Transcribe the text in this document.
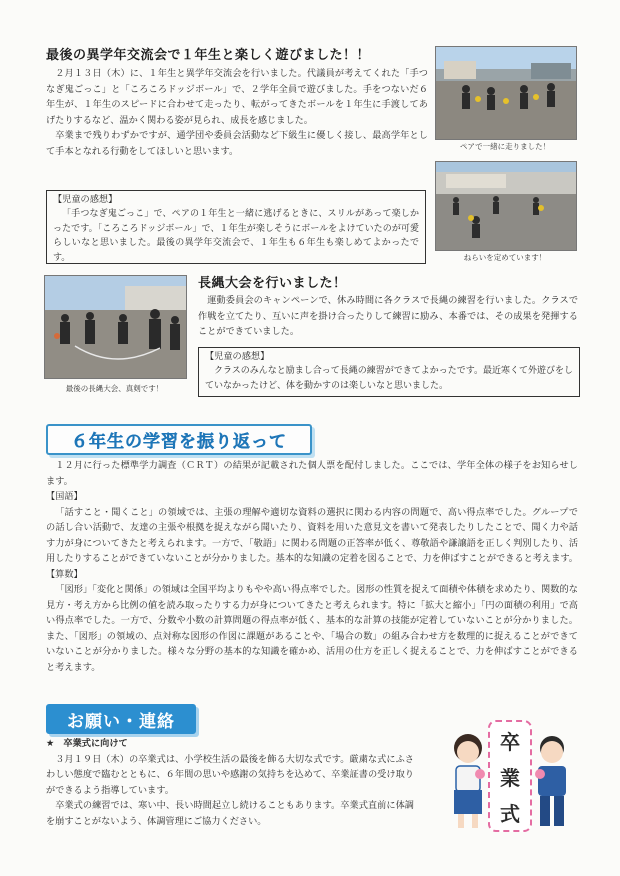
最後の異学年交流会で１年生と楽しく遊びました！！

２月１３日（木）に、１年生と異学年交流会を行いました。代議員が考えてくれた「手つなぎ鬼ごっこ」と「ころころドッジボール」で、２学年全員で遊びました。手をつないだ６年生が、１年生のスピードに合わせて走ったり、転がってきたボールを１年生に手渡してあげたりするなど、温かく関わる姿が見られ、成長を感じました。

卒業まで残りわずかですが、通学団や委員会活動など下級生に優しく接し、最高学年として手本となれる行動をしてほしいと思います。

【児童の感想】

「手つなぎ鬼ごっこ」で、ペアの１年生と一緒に逃げるときに、スリルがあって楽しかったです。「ころころドッジボール」で、１年生が楽しそうにボールをよけていたのが可愛らしいなと思いました。最後の異学年交流会で、１年生も６年生も楽しめてよかったです。

ペアで一緒に走りました！
ねらいを定めています！
最後の長縄大会、真剣です！
長縄大会を行いました！

運動委員会のキャンペーンで、休み時間に各クラスで長縄の練習を行いました。クラスで作戦を立てたり、互いに声を掛け合ったりして練習に励み、本番では、その成果を発揮することができていました。

【児童の感想】

クラスのみんなと励まし合って長縄の練習ができてよかったです。最近寒くて外遊びをしていなかったけど、体を動かすのは楽しいなと思いました。

６年生の学習を振り返って

１２月に行った標準学力調査（ＣＲＴ）の結果が記載された個人票を配付しました。ここでは、学年全体の様子をお知らせします。

【国語】

「話すこと・聞くこと」の領域では、主張の理解や適切な資料の選択に関わる内容の問題で、高い得点率でした。グループでの話し合い活動で、友達の主張や根拠を捉えながら聞いたり、資料を用いた意見文を書いて発表したりしたことで、聞く力や話す力が身についてきたと考えられます。一方で、「敬語」に関わる問題の正答率が低く、尊敬語や謙譲語を正しく判別したり、活用したりすることができていないことが分かりました。基本的な知識の定着を図ることで、力を伸ばすことができると考えます。

【算数】

「図形」「変化と関係」の領域は全国平均よりもやや高い得点率でした。図形の性質を捉えて面積や体積を求めたり、関数的な見方・考え方から比例の値を読み取ったりする力が身についてきたと考えられます。特に「拡大と縮小」「円の面積の利用」で高い得点率でした。一方で、分数や小数の計算問題の得点率が低く、基本的な計算の技能が定着していないことが分かりました。また、「図形」の領域の、点対称な図形の作図に課題があることや、「場合の数」の組み合わせ方を数理的に捉えることができていないことが分かりました。様々な分野の基本的な知識を確かめ、活用の仕方を正しく捉えることで、力を伸ばすことができると考えます。

お願い・連絡

★　卒業式に向けて

３月１９日（木）の卒業式は、小学校生活の最後を飾る大切な式です。厳粛な式にふさわしい態度で臨むとともに、６年間の思いや感謝の気持ちを込めて、卒業証書の受け取りができるよう指導しています。

卒業式の練習では、寒い中、長い時間起立し続けることもあります。卒業式直前に体調を崩すことがないよう、体調管理にご協力ください。

卒
業
式
